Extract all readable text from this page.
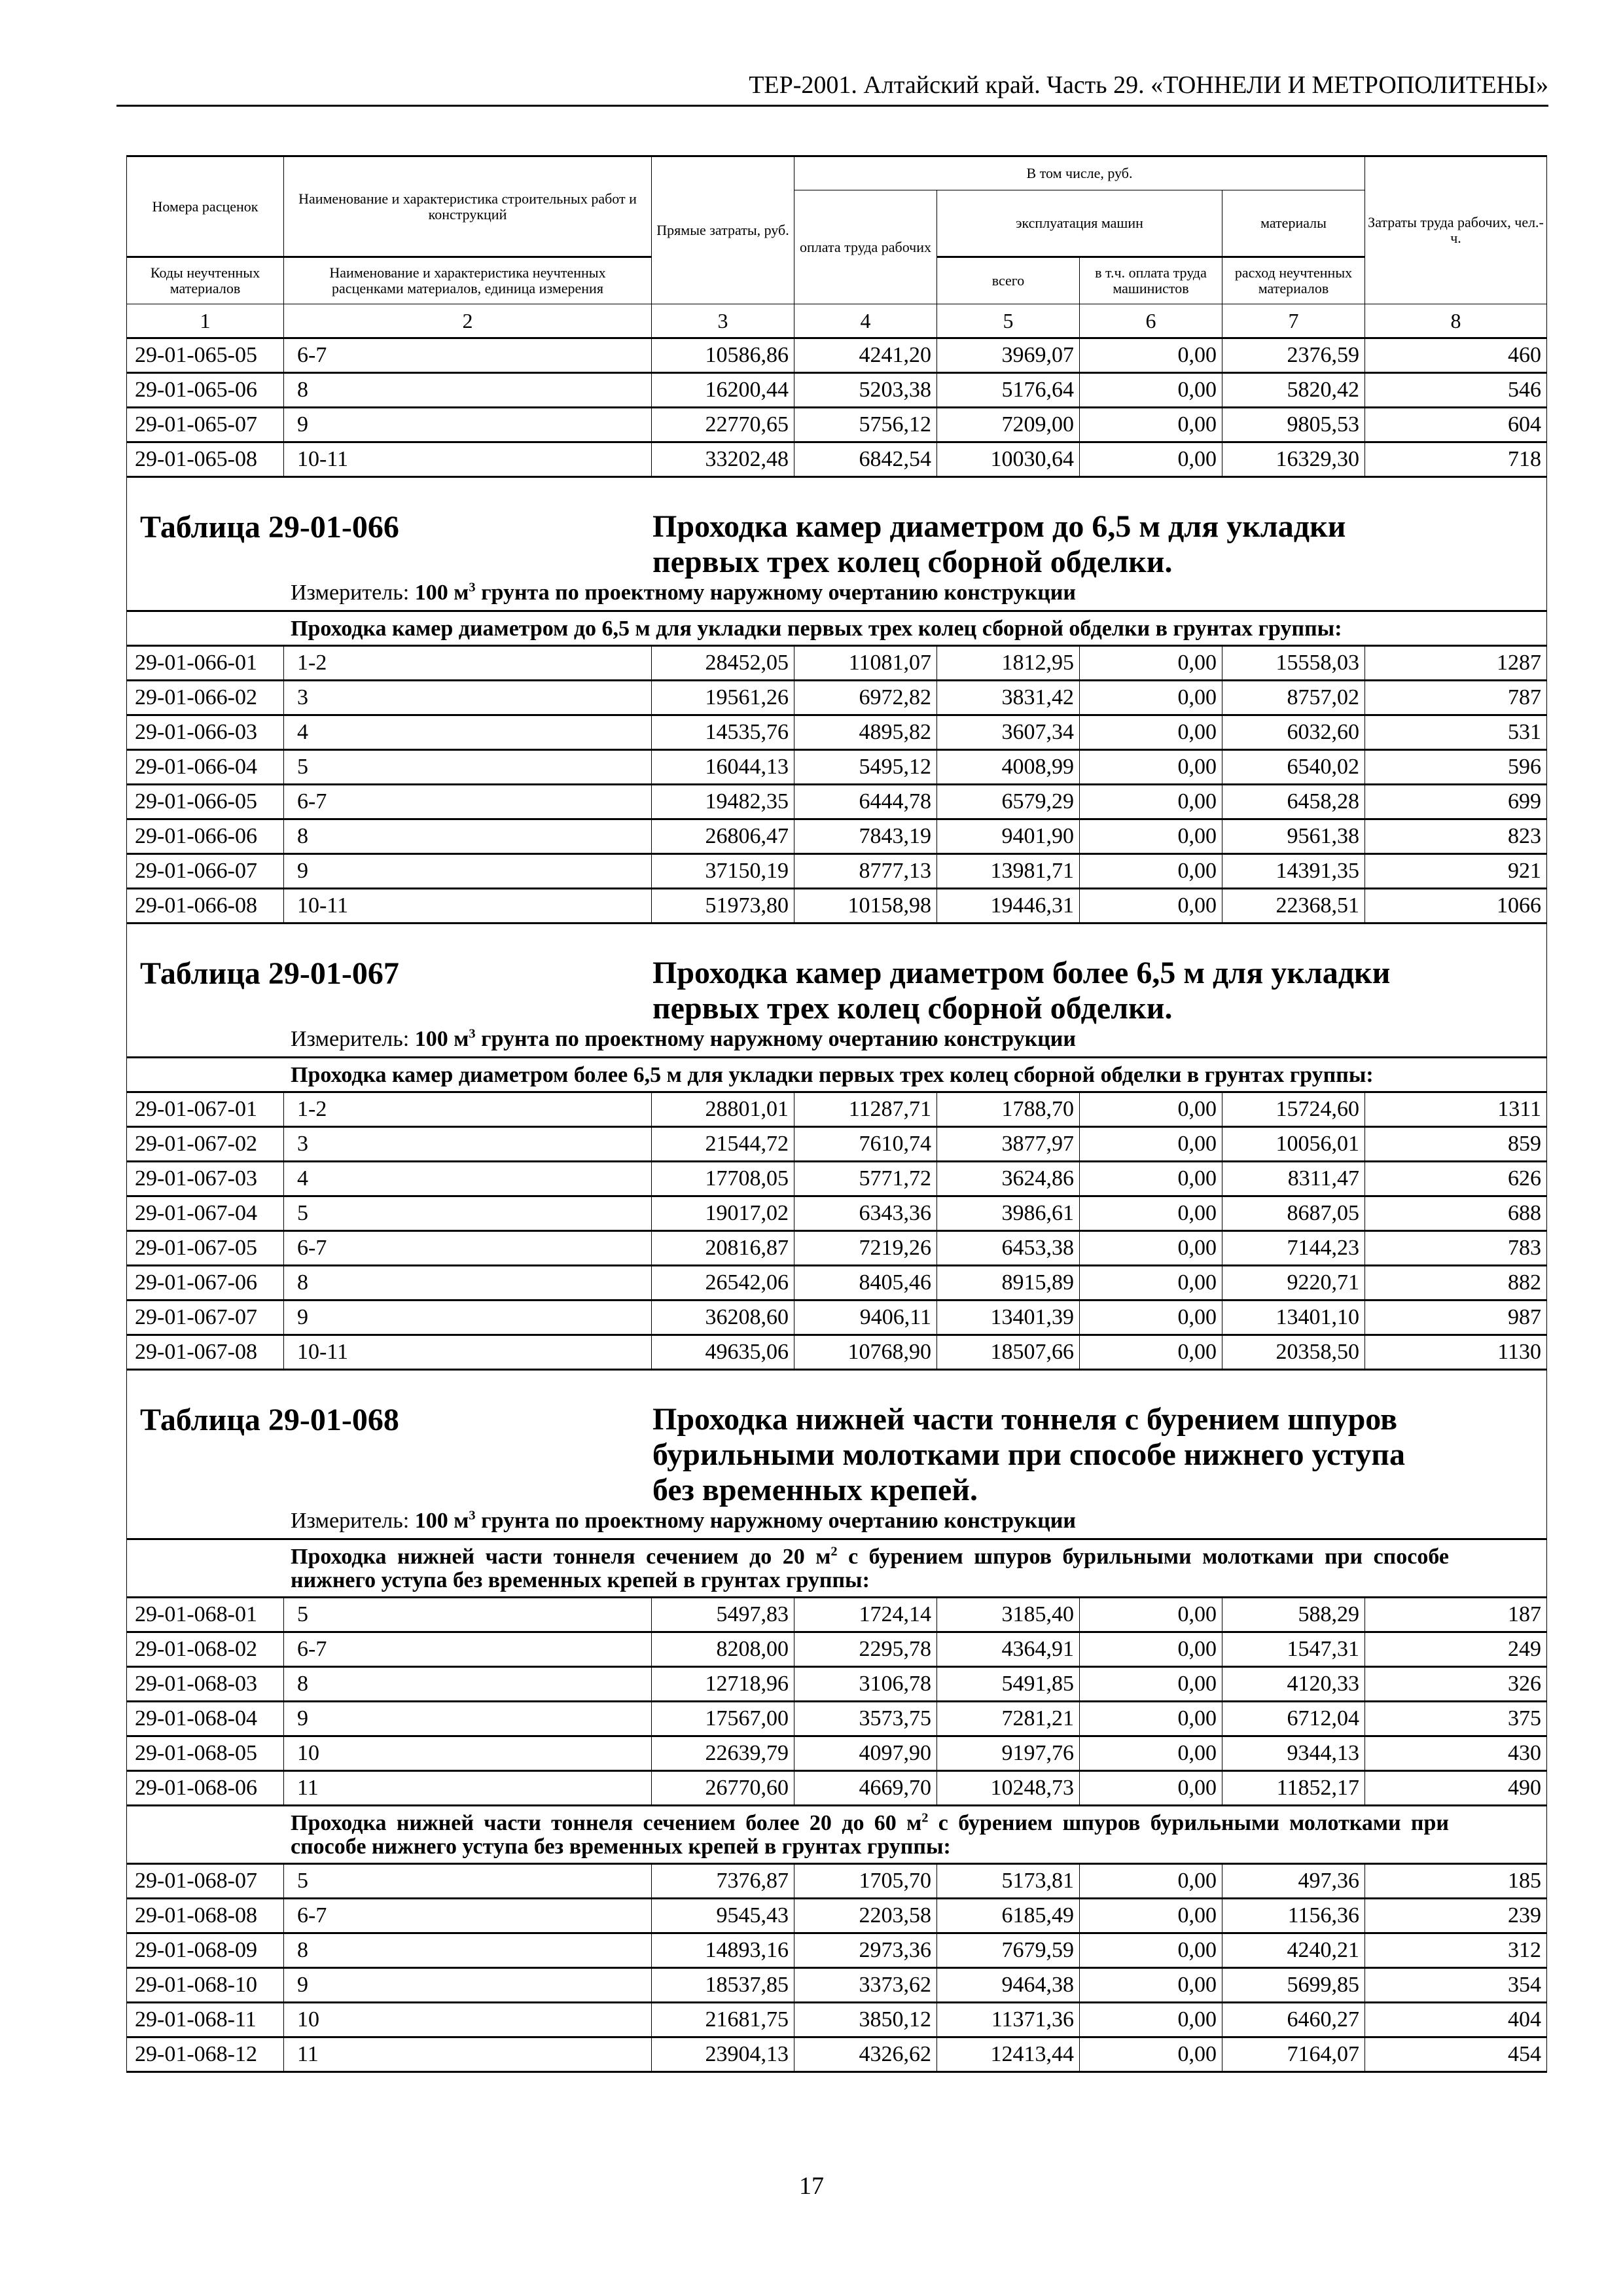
ТЕР-2001. Алтайский край. Часть 29. «ТОННЕЛИ И МЕТРОПОЛИТЕНЫ»
Номера расценок	Наименование и характеристика строительных работ и конструкций	Прямые затраты, руб.	В том числе, руб.				Затраты труда рабочих, чел.-ч.
			оплата труда рабочих	эксплуатация машин		материалы	
Коды неучтенных материалов	Наименование и характеристика неучтенных расценками материалов, единица измерения			всего	в т.ч. оплата труда машинистов	расход неучтенных материалов	
1	2	3	4	5	6	7	8
29-01-065-05	6-7	10586,86	4241,20	3969,07	0,00	2376,59	460
29-01-065-06	8	16200,44	5203,38	5176,64	0,00	5820,42	546
29-01-065-07	9	22770,65	5756,12	7209,00	0,00	9805,53	604
29-01-065-08	10-11	33202,48	6842,54	10030,64	0,00	16329,30	718

Таблица 29-01-066 Проходка камер диаметром до 6,5 м для укладки первых трех колец сборной обделки.
Измеритель: 100 $м^3$ грунта по проектному наружному очертанию конструкции							

Проходка камер диаметром до 6,5 м для укладки первых трех колец сборной обделки в грунтах группы:							

29-01-066-01	1-2	28452,05	11081,07	1812,95	0,00	15558,03	1287
29-01-066-02	3	19561,26	6972,82	3831,42	0,00	8757,02	787
29-01-066-03	4	14535,76	4895,82	3607,34	0,00	6032,60	531
29-01-066-04	5	16044,13	5495,12	4008,99	0,00	6540,02	596
29-01-066-05	6-7	19482,35	6444,78	6579,29	0,00	6458,28	699
29-01-066-06	8	26806,47	7843,19	9401,90	0,00	9561,38	823
29-01-066-07	9	37150,19	8777,13	13981,71	0,00	14391,35	921
29-01-066-08	10-11	51973,80	10158,98	19446,31	0,00	22368,51	1066

Таблица 29-01-067 Проходка камер диаметром более 6,5 м для укладки первых трех колец сборной обделки.
Измеритель: 100 $м^3$ грунта по проектному наружному очертанию конструкции							

Проходка камер диаметром более 6,5 м для укладки первых трех колец сборной обделки в грунтах группы:							

29-01-067-01	1-2	28801,01	11287,71	1788,70	0,00	15724,60	1311
29-01-067-02	3	21544,72	7610,74	3877,97	0,00	10056,01	859
29-01-067-03	4	17708,05	5771,72	3624,86	0,00	8311,47	626
29-01-067-04	5	19017,02	6343,36	3986,61	0,00	8687,05	688
29-01-067-05	6-7	20816,87	7219,26	6453,38	0,00	7144,23	783
29-01-067-06	8	26542,06	8405,46	8915,89	0,00	9220,71	882
29-01-067-07	9	36208,60	9406,11	13401,39	0,00	13401,10	987
29-01-067-08	10-11	49635,06	10768,90	18507,66	0,00	20358,50	1130

Таблица 29-01-068 Проходка нижней части тоннеля с бурением шпуров бурильными молотками при способе нижнего уступа без временных крепей.
Измеритель: 100 $м^3$ грунта по проектному наружному очертанию конструкции							

Проходка нижней части тоннеля сечением до 20 $м^2$ с бурением шпуров бурильными молотками при способе нижнего уступа без временных крепей в грунтах группы:							

29-01-068-01	5	5497,83	1724,14	3185,40	0,00	588,29	187
29-01-068-02	6-7	8208,00	2295,78	4364,91	0,00	1547,31	249
29-01-068-03	8	12718,96	3106,78	5491,85	0,00	4120,33	326
29-01-068-04	9	17567,00	3573,75	7281,21	0,00	6712,04	375
29-01-068-05	10	22639,79	4097,90	9197,76	0,00	9344,13	430
29-01-068-06	11	26770,60	4669,70	10248,73	0,00	11852,17	490

Проходка нижней части тоннеля сечением более 20 до 60 $м^2$ с бурением шпуров бурильными молотками при способе нижнего уступа без временных крепей в грунтах группы:							

29-01-068-07	5	7376,87	1705,70	5173,81	0,00	497,36	185
29-01-068-08	6-7	9545,43	2203,58	6185,49	0,00	1156,36	239
29-01-068-09	8	14893,16	2973,36	7679,59	0,00	4240,21	312
29-01-068-10	9	18537,85	3373,62	9464,38	0,00	5699,85	354
29-01-068-11	10	21681,75	3850,12	11371,36	0,00	6460,27	404
29-01-068-12	11	23904,13	4326,62	12413,44	0,00	7164,07	454
17
